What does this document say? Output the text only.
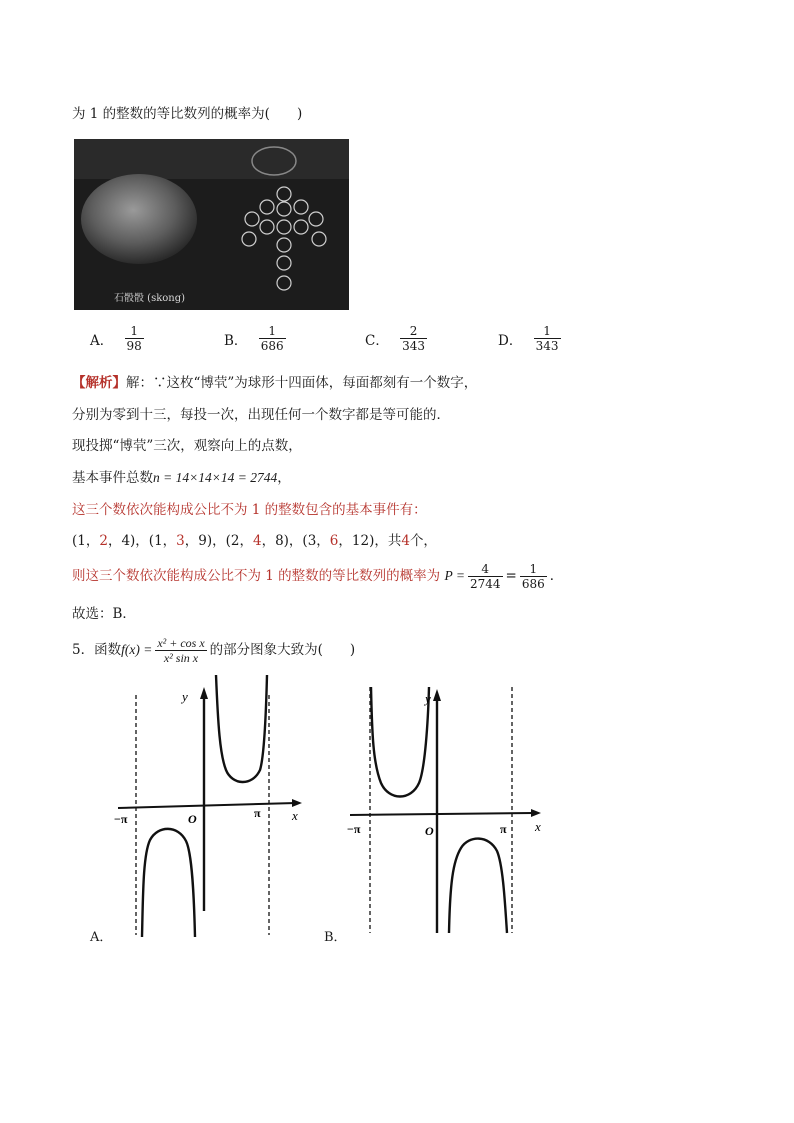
为 1 的整数的等比数列的概率为(　　)
石骰骰 (skong)
A． $\frac{1}{98}$	B． $\frac{1}{686}$	C． $\frac{2}{343}$	D． $\frac{1}{343}$
【解析】解：∵这枚“博茕”为球形十四面体，每面都刻有一个数字，
分别为零到十三，每投一次，出现任何一个数字都是等可能的．
现投掷“博茕”三次，观察向上的点数，
基本事件总数n = 14×14×14 = 2744，
这三个数依次能构成公比不为 1 的整数包含的基本事件有：
(1，2，4)，(1，3，9)，(2，4，8)，(3，6，12)，共4个，
则这三个数依次能构成公比不为 1 的整数的等比数列的概率为 $P = \frac{4}{2744} = \frac{1}{686}$ ．
故选：B．
5．函数$f(x) = \frac{\text{x² + cos x}}{\text{x² sin x}}$ 的部分图象大致为(　　)
y
x
O
−π	π
A．
y
x
O
−π	π
B．
